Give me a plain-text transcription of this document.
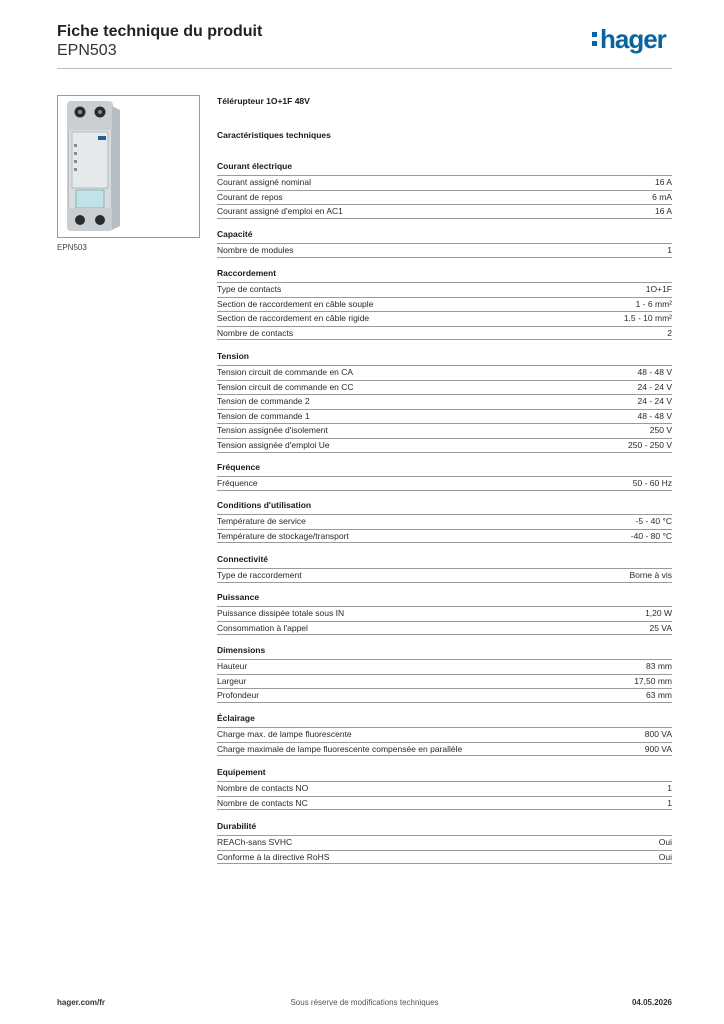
Fiche technique du produit
EPN503	hager
EPN503
Télérupteur 1O+1F 48V
Caractéristiques techniques
Courant électrique
Courant assigné nominal	16 A
Courant de repos	6 mA
Courant assigné d'emploi en AC1	16 A
Capacité
Nombre de modules	1
Raccordement
Type de contacts	1O+1F
Section de raccordement en câble souple	1 - 6 mm²
Section de raccordement en câble rigide	1.5 - 10 mm²
Nombre de contacts	2
Tension
Tension circuit de commande en CA	48 - 48 V
Tension circuit de commande en CC	24 - 24 V
Tension de commande 2	24 - 24 V
Tension de commande 1	48 - 48 V
Tension assignée d'isolement	250 V
Tension assignée d'emploi Ue	250 - 250 V
Fréquence
Fréquence	50 - 60 Hz
Conditions d'utilisation
Température de service	-5 - 40 °C
Température de stockage/transport	-40 - 80 °C
Connectivité
Type de raccordement	Borne à vis
Puissance
Puissance dissipée totale sous IN	1,20 W
Consommation à l'appel	25 VA
Dimensions
Hauteur	83 mm
Largeur	17,50 mm
Profondeur	63 mm
Éclairage
Charge max. de lampe fluorescente	800 VA
Charge maximale de lampe fluorescente compensée en parallèle	900 VA
Equipement
Nombre de contacts NO	1
Nombre de contacts NC	1
Durabilité
REACh-sans SVHC	Oui
Conforme à la directive RoHS	Oui
hager.com/fr	Sous réserve de modifications techniques	04.05.2026
